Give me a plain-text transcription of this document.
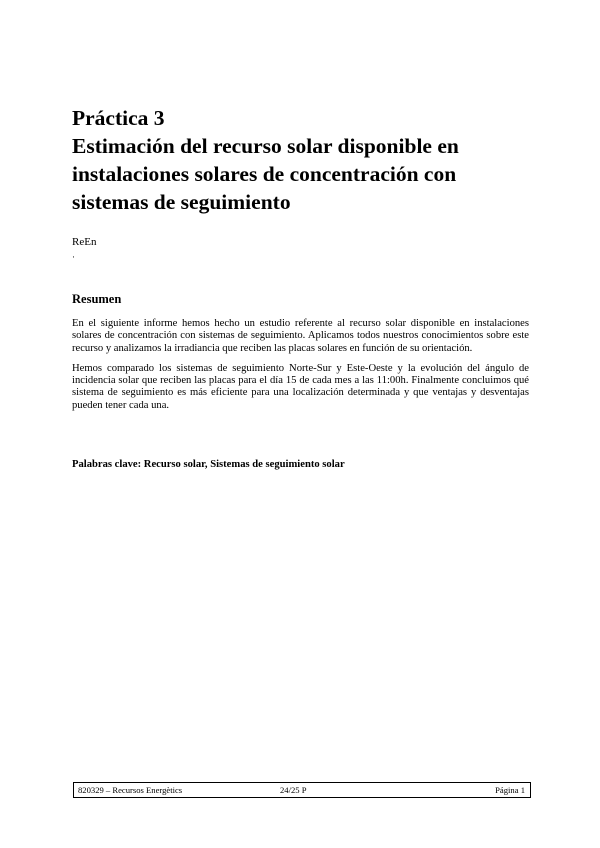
Práctica 3
Estimación del recurso solar disponible en
instalaciones solares de concentración con
sistemas de seguimiento
ReEn
·
Resumen

En el siguiente informe hemos hecho un estudio referente al recurso solar disponible en instalaciones solares de concentración con sistemas de seguimiento. Aplicamos todos nuestros conocimientos sobre este recurso y analizamos la irradiancia que reciben las placas solares en función de su orientación.

Hemos comparado los sistemas de seguimiento Norte-Sur y Este-Oeste y la evolución del ángulo de incidencia solar que reciben las placas para el día 15 de cada mes a las 11:00h. Finalmente concluimos qué sistema de seguimiento es más eficiente para una localización determinada y que ventajas y desventajas pueden tener cada una.

Palabras clave: Recurso solar, Sistemas de seguimiento solar

820329 – Recursos Energètics	24/25 P	Página 1
